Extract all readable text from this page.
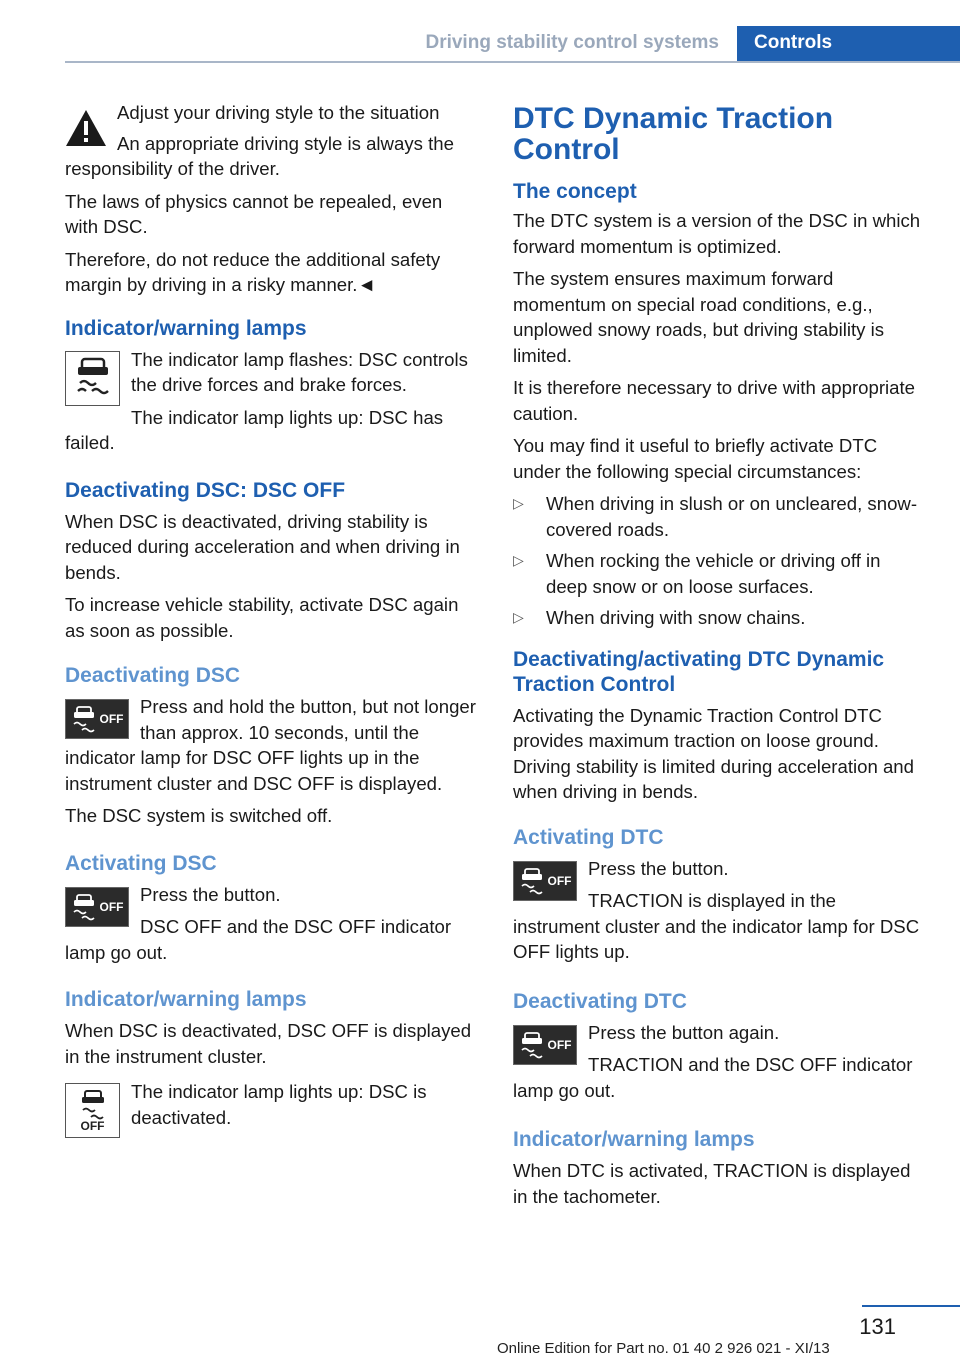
Driving stability control systems	Controls

Adjust your driving style to the situation

An appropriate driving style is always the responsibility of the driver.

The laws of physics cannot be repealed, even with DSC.

Therefore, do not reduce the additional safety margin by driving in a risky manner.◄

Indicator/warning lamps

The indicator lamp flashes: DSC controls the drive forces and brake forces.

The indicator lamp lights up: DSC has failed.

Deactivating DSC: DSC OFF

When DSC is deactivated, driving stability is reduced during acceleration and when driving in bends.

To increase vehicle stability, activate DSC again as soon as possible.

Deactivating DSC
OFF

Press and hold the button, but not longer than approx. 10 seconds, until the indicator lamp for DSC OFF lights up in the instrument cluster and DSC OFF is displayed.

The DSC system is switched off.

Activating DSC
OFF

Press the button.

DSC OFF and the DSC OFF indicator lamp go out.

Indicator/warning lamps

When DSC is deactivated, DSC OFF is displayed in the instrument cluster.

OFF

The indicator lamp lights up: DSC is deactivated.

DTC Dynamic Traction Control
The concept

The DTC system is a version of the DSC in which forward momentum is optimized.

The system ensures maximum forward momentum on special road conditions, e.g., unplowed snowy roads, but driving stability is limited.

It is therefore necessary to drive with appropriate caution.

You may find it useful to briefly activate DTC under the following special circumstances:

▷ When driving in slush or on uncleared, snow-covered roads.
▷ When rocking the vehicle or driving off in deep snow or on loose surfaces.
▷ When driving with snow chains.
Deactivating/activating DTC Dynamic Traction Control

Activating the Dynamic Traction Control DTC provides maximum traction on loose ground. Driving stability is limited during acceleration and when driving in bends.

Activating DTC
OFF

Press the button.

TRACTION is displayed in the instrument cluster and the indicator lamp for DSC OFF lights up.

Deactivating DTC
OFF

Press the button again.

TRACTION and the DSC OFF indicator lamp go out.

Indicator/warning lamps

When DTC is activated, TRACTION is displayed in the tachometer.

131
Online Edition for Part no. 01 40 2 926 021 - XI/13
